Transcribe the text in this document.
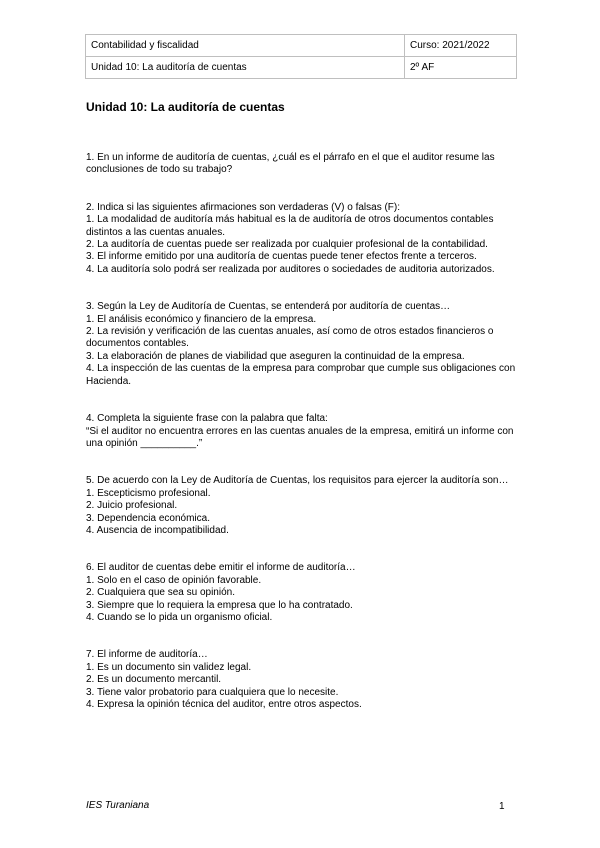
Contabilidad y fiscalidad	Curso: 2021/2022
Unidad 10: La auditoría de cuentas	2º AF
Unidad 10: La auditoría de cuentas

1. En un informe de auditoría de cuentas, ¿cuál es el párrafo en el que el auditor resume las conclusiones de todo su trabajo?

2. Indica si las siguientes afirmaciones son verdaderas (V) o falsas (F):

1. La modalidad de auditoría más habitual es la de auditoría de otros documentos contables distintos a las cuentas anuales.

2. La auditoría de cuentas puede ser realizada por cualquier profesional de la contabilidad.

3. El informe emitido por una auditoría de cuentas puede tener efectos frente a terceros.

4. La auditoría solo podrá ser realizada por auditores o sociedades de auditoria autorizados.

3. Según la Ley de Auditoría de Cuentas, se entenderá por auditoría de cuentas…

1. El análisis económico y financiero de la empresa.

2. La revisión y verificación de las cuentas anuales, así como de otros estados financieros o documentos contables.

3. La elaboración de planes de viabilidad que aseguren la continuidad de la empresa.

4. La inspección de las cuentas de la empresa para comprobar que cumple sus obligaciones con Hacienda.

4. Completa la siguiente frase con la palabra que falta:

“Si el auditor no encuentra errores en las cuentas anuales de la empresa, emitirá un informe con una opinión __________.”

5. De acuerdo con la Ley de Auditoría de Cuentas, los requisitos para ejercer la auditoría son…

1. Escepticismo profesional.

2. Juicio profesional.

3. Dependencia económica.

4. Ausencia de incompatibilidad.

6. El auditor de cuentas debe emitir el informe de auditoría…

1. Solo en el caso de opinión favorable.

2. Cualquiera que sea su opinión.

3. Siempre que lo requiera la empresa que lo ha contratado.

4. Cuando se lo pida un organismo oficial.

7. El informe de auditoría…

1. Es un documento sin validez legal.

2. Es un documento mercantil.

3. Tiene valor probatorio para cualquiera que lo necesite.

4. Expresa la opinión técnica del auditor, entre otros aspectos.

IES Turaniana	1
